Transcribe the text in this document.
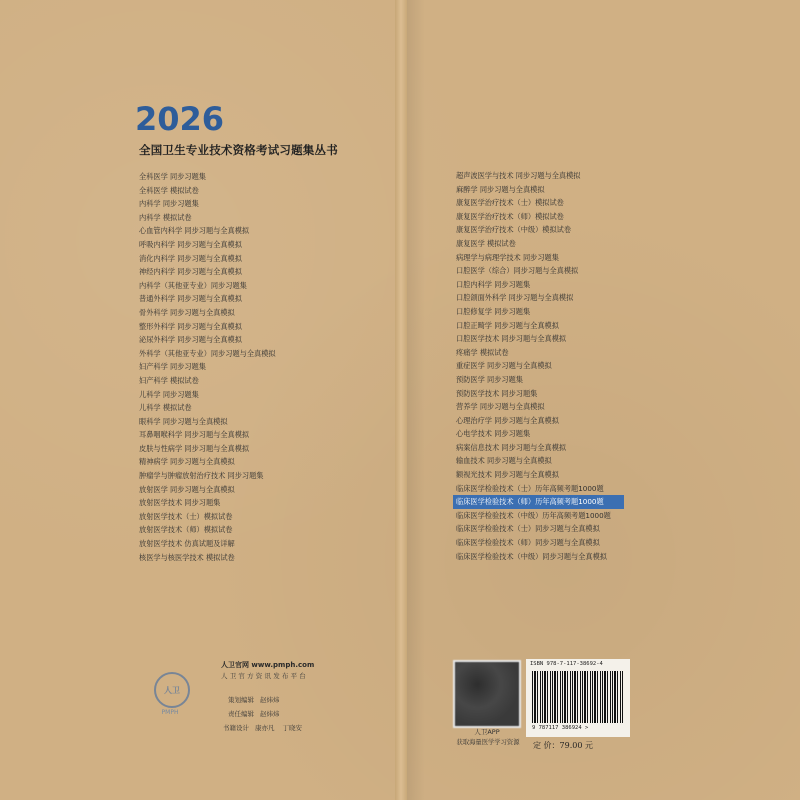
2026
全国卫生专业技术资格考试习题集丛书
全科医学 同步习题集
全科医学 模拟试卷
内科学 同步习题集
内科学 模拟试卷
心血管内科学 同步习题与全真模拟
呼吸内科学 同步习题与全真模拟
消化内科学 同步习题与全真模拟
神经内科学 同步习题与全真模拟
内科学（其他亚专业）同步习题集
普通外科学 同步习题与全真模拟
骨外科学 同步习题与全真模拟
整形外科学 同步习题与全真模拟
泌尿外科学 同步习题与全真模拟
外科学（其他亚专业）同步习题与全真模拟
妇产科学 同步习题集
妇产科学 模拟试卷
儿科学 同步习题集
儿科学 模拟试卷
眼科学 同步习题与全真模拟
耳鼻咽喉科学 同步习题与全真模拟
皮肤与性病学 同步习题与全真模拟
精神病学 同步习题与全真模拟
肿瘤学与肿瘤放射治疗技术 同步习题集
放射医学 同步习题与全真模拟
放射医学技术 同步习题集
放射医学技术（士）模拟试卷
放射医学技术（师）模拟试卷
放射医学技术 仿真试题及详解
核医学与核医学技术 模拟试卷
超声波医学与技术 同步习题与全真模拟
麻醉学 同步习题与全真模拟
康复医学治疗技术（士）模拟试卷
康复医学治疗技术（师）模拟试卷
康复医学治疗技术（中级）模拟试卷
康复医学 模拟试卷
病理学与病理学技术 同步习题集
口腔医学（综合）同步习题与全真模拟
口腔内科学 同步习题集
口腔颌面外科学 同步习题与全真模拟
口腔修复学 同步习题集
口腔正畸学 同步习题与全真模拟
口腔医学技术 同步习题与全真模拟
疼痛学 模拟试卷
重症医学 同步习题与全真模拟
预防医学 同步习题集
预防医学技术 同步习题集
营养学 同步习题与全真模拟
心理治疗学 同步习题与全真模拟
心电学技术 同步习题集
病案信息技术 同步习题与全真模拟
输血技术 同步习题与全真模拟
额视光技术 同步习题与全真模拟
临床医学检验技术（士）历年高频考题1000题
临床医学检验技术（师）历年高频考题1000题
临床医学检验技术（中级）历年高频考题1000题
临床医学检验技术（士）同步习题与全真模拟
临床医学检验技术（师）同步习题与全真模拟
临床医学检验技术（中级）同步习题与全真模拟
人卫
PMPH
人卫官网 www.pmph.com
人卫官方资讯发布平台
策划编辑 赵炜炜
责任编辑 赵炜炜
书籍设计 康亦凡 丁晓安	人卫APP
获取海量医学学习资源
ISBN 978-7-117-38692-4
9 787117 386924 >
定 价：79.00 元
